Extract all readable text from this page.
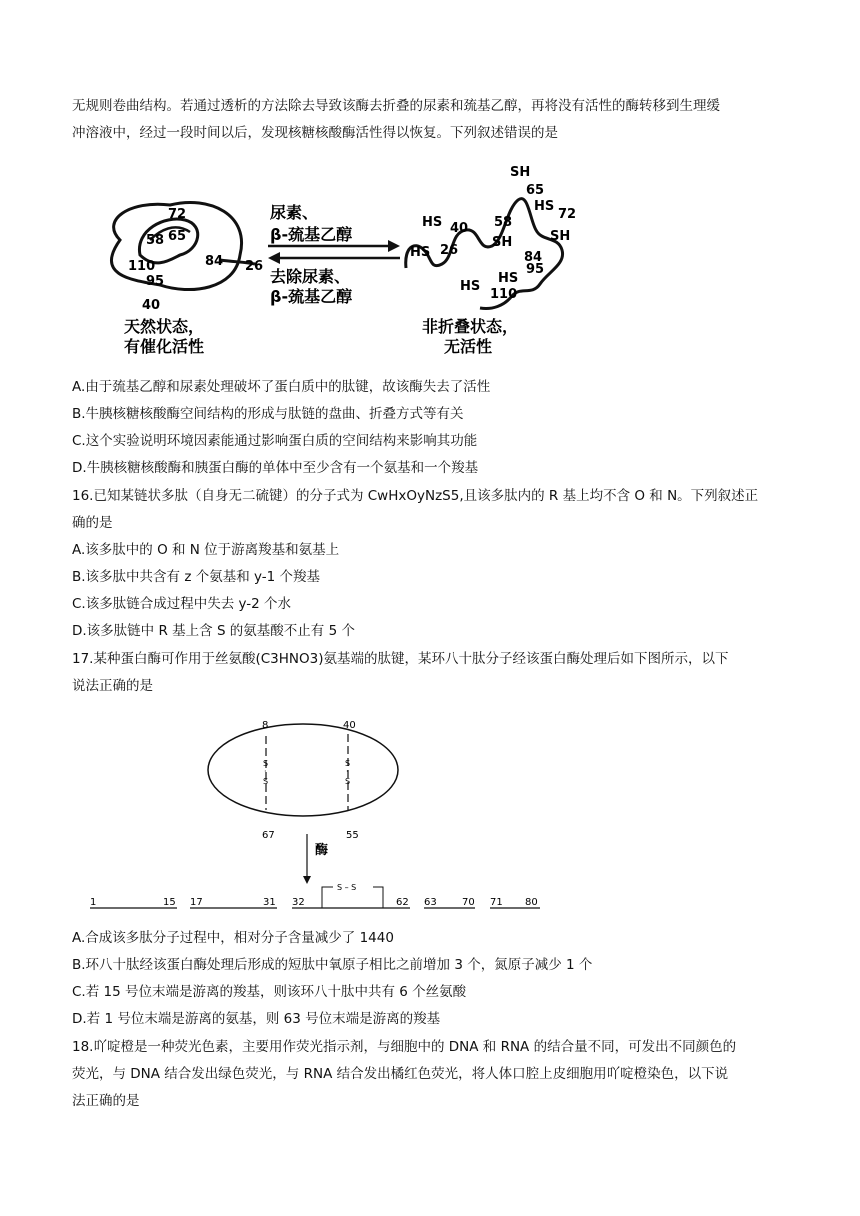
无规则卷曲结构。若通过透析的方法除去导致该酶去折叠的尿素和巯基乙醇，再将没有活性的酶转移到生理缓
冲溶液中，经过一段时间以后，发现核糖核酸酶活性得以恢复。下列叙述错误的是
72
65
58
110
95
84 26
40
尿素、
β-巯基乙醇
去除尿素、
β-巯基乙醇
天然状态，
有催化活性
SH
65
HS
72
HS 40 58
SH	SH
HS 26	84
HS
95
HS
110
非折叠状态，
无活性
A.由于巯基乙醇和尿素处理破坏了蛋白质中的肽键，故该酶失去了活性
B.牛胰核糖核酸酶空间结构的形成与肽链的盘曲、折叠方式等有关
C.这个实验说明环境因素能通过影响蛋白质的空间结构来影响其功能
D.牛胰核糖核酸酶和胰蛋白酶的单体中至少含有一个氨基和一个羧基
16.已知某链状多肽（自身无二硫键）的分子式为 CwHxOyNzS5,且该多肽内的 R 基上均不含 O 和 N。下列叙述正
确的是
A.该多肽中的 O 和 N 位于游离羧基和氨基上
B.该多肽中共含有 z 个氨基和 y-1 个羧基
C.该多肽链合成过程中失去 y-2 个水
D.该多肽链中 R 基上含 S 的氨基酸不止有 5 个
17.某种蛋白酶可作用于丝氨酸(C3HNO3)氨基端的肽键，某环八十肽分子经该蛋白酶处理后如下图所示，以下
说法正确的是
8	40
67	55
S
·
S
S
·
S
酶
1	15 17	31 32
S – S
62 63	70 71 80
A.合成该多肽分子过程中，相对分子含量减少了 1440
B.环八十肽经该蛋白酶处理后形成的短肽中氧原子相比之前增加 3 个，氮原子减少 1 个
C.若 15 号位末端是游离的羧基，则该环八十肽中共有 6 个丝氨酸
D.若 1 号位末端是游离的氨基，则 63 号位末端是游离的羧基
18.吖啶橙是一种荧光色素，主要用作荧光指示剂，与细胞中的 DNA 和 RNA 的结合量不同，可发出不同颜色的
荧光，与 DNA 结合发出绿色荧光，与 RNA 结合发出橘红色荧光，将人体口腔上皮细胞用吖啶橙染色，以下说
法正确的是
